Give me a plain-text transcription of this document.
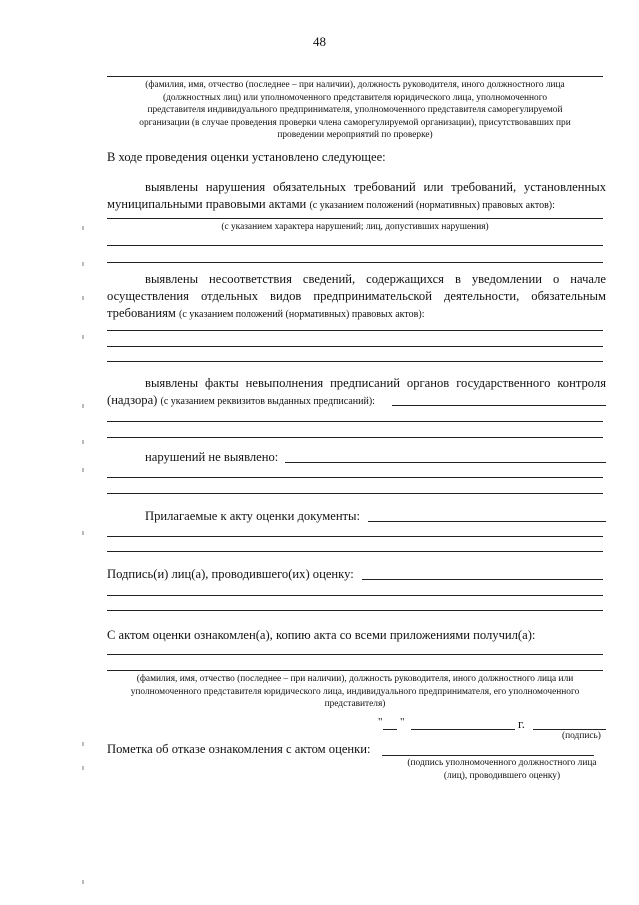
48
(фамилия, имя, отчество (последнее – при наличии), должность руководителя, иного должностного лица
(должностных лиц) или уполномоченного представителя юридического лица, уполномоченного
представителя индивидуального предпринимателя, уполномоченного представителя саморегулируемой
организации (в случае проведения проверки члена саморегулируемой организации), присутствовавших при
проведении мероприятий по проверке)
В ходе проведения оценки установлено следующее:
выявлены нарушения обязательных требований или требований, установленных муниципальными правовыми актами (с указанием положений (нормативных) правовых актов):
(с указанием характера нарушений; лиц, допустивших нарушения)
выявлены несоответствия сведений, содержащихся в уведомлении о начале осуществления отдельных видов предпринимательской деятельности, обязательным требованиям (с указанием положений (нормативных) правовых актов):
выявлены факты невыполнения предписаний органов государственного контроля (надзора) (с указанием реквизитов выданных предписаний):
нарушений не выявлено:
Прилагаемые к акту оценки документы:
Подпись(и) лиц(а), проводившего(их) оценку:
С актом оценки ознакомлен(а), копию акта со всеми приложениями получил(а):
(фамилия, имя, отчество (последнее – при наличии), должность руководителя, иного должностного лица или
уполномоченного представителя юридического лица, индивидуального предпринимателя, его уполномоченного
представителя)
" "	г.
(подпись)
Пометка об отказе ознакомления с актом оценки:
(подпись уполномоченного должностного лица
(лиц), проводившего оценку)
